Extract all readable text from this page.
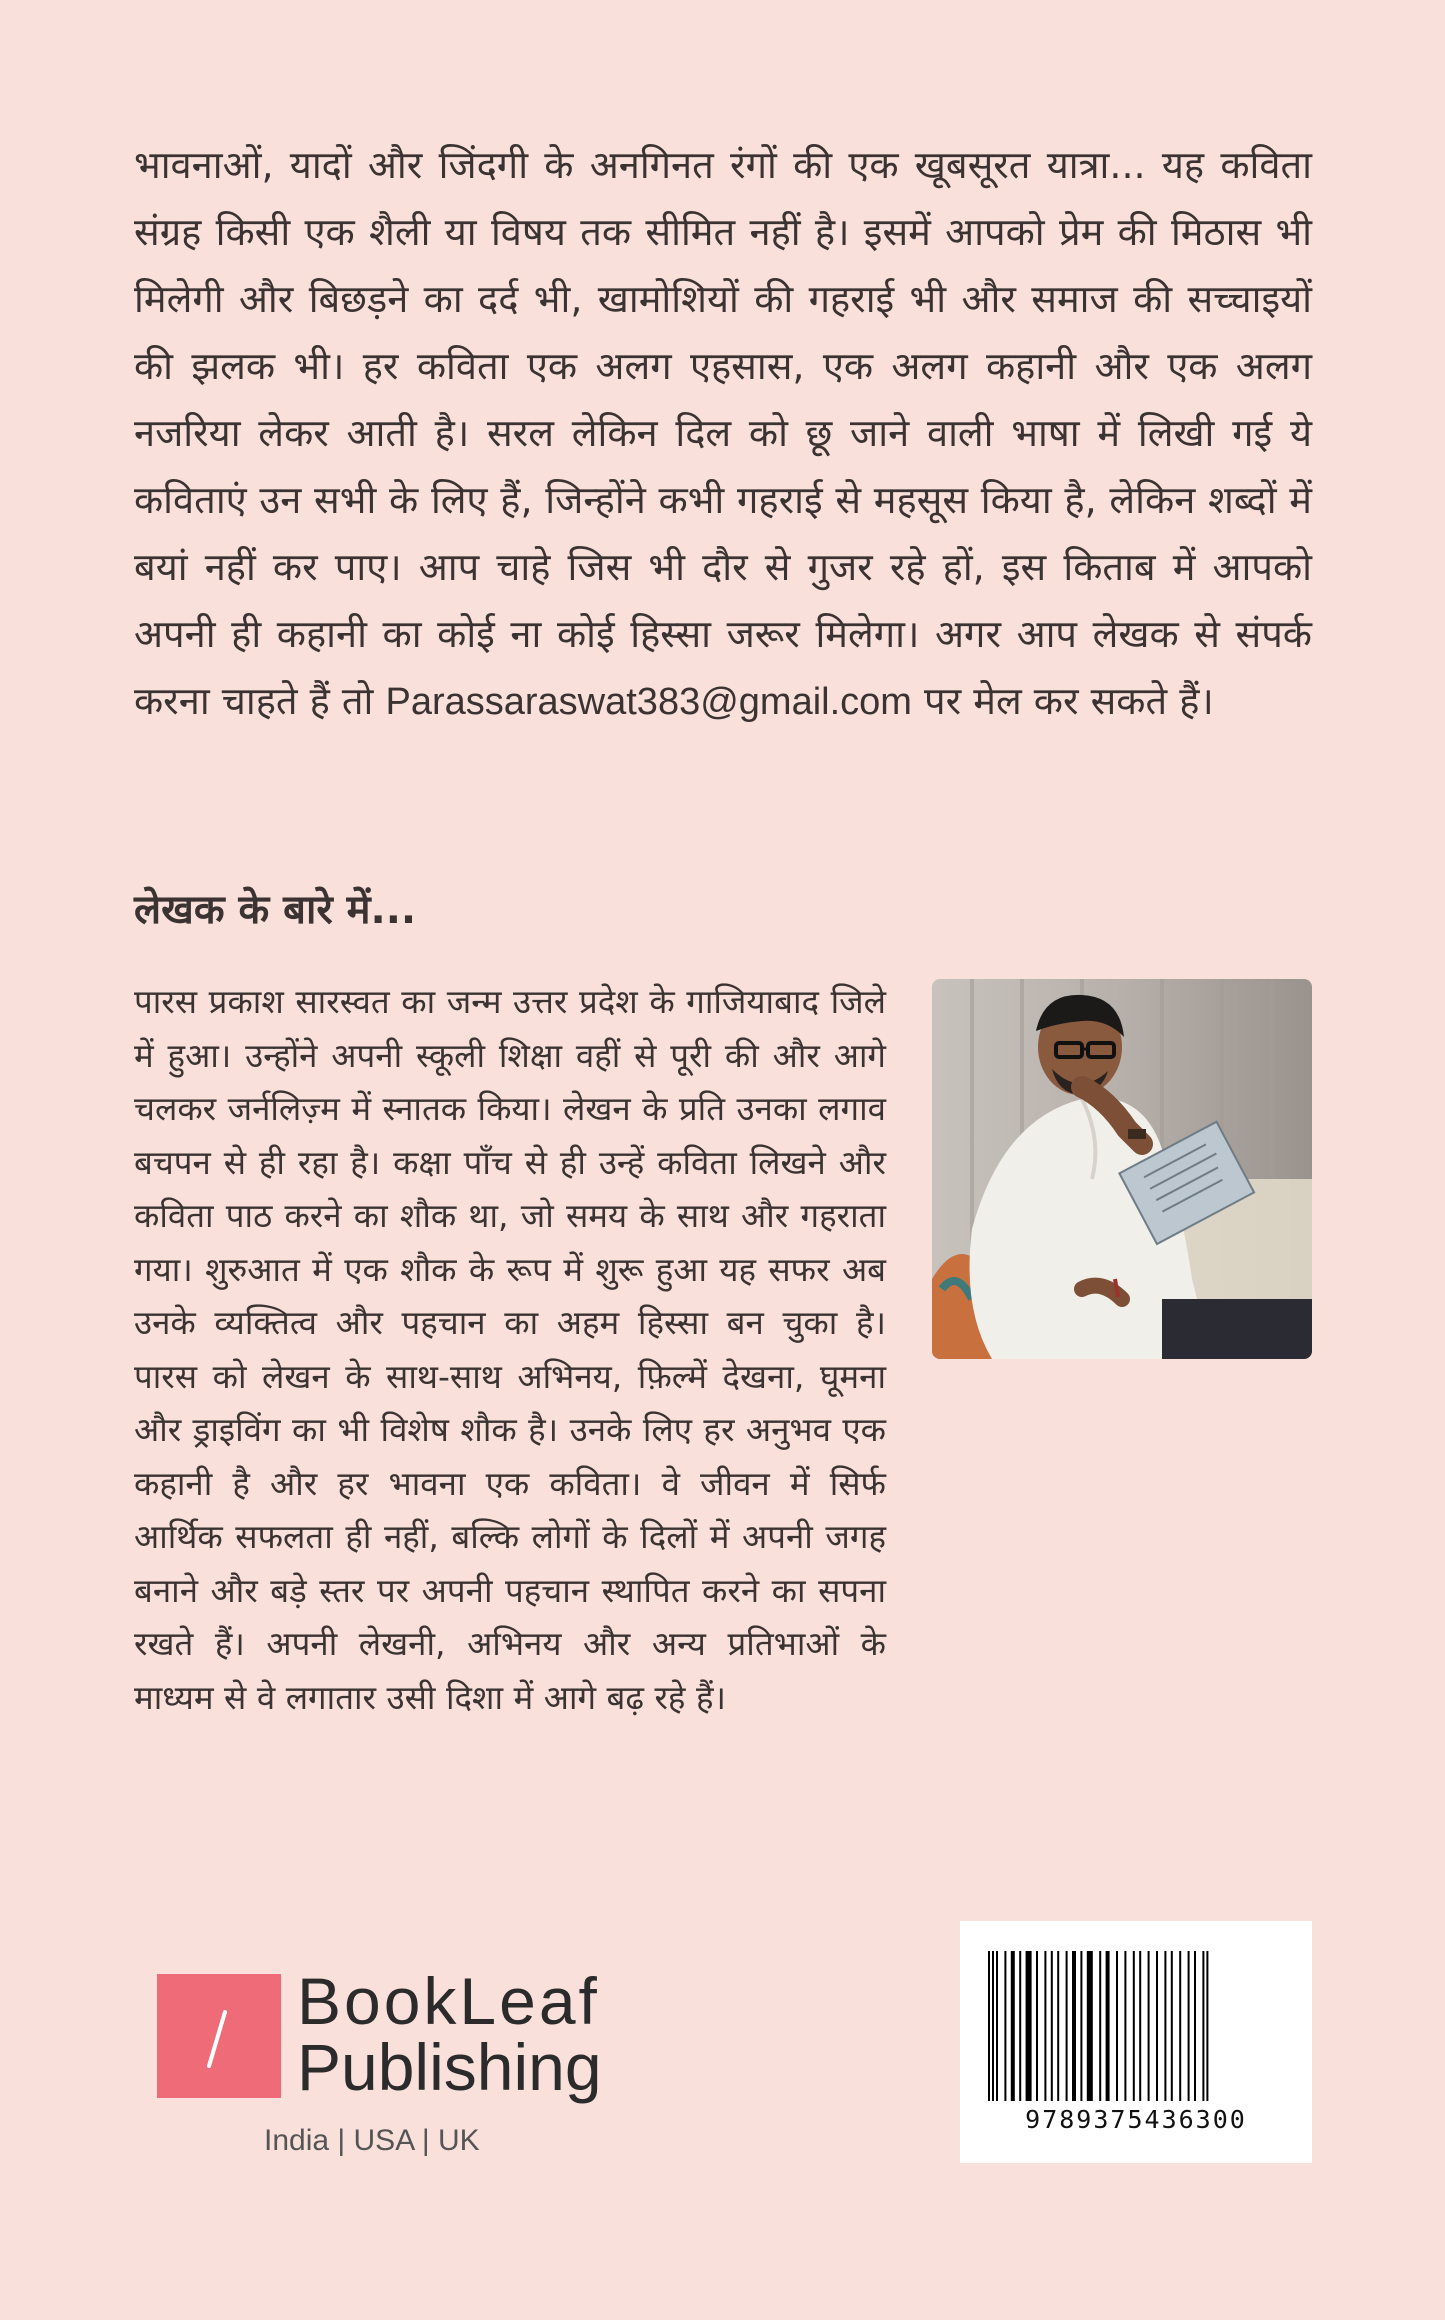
भावनाओं, यादों और जिंदगी के अनगिनत रंगों की एक खूबसूरत यात्रा... यह कविता संग्रह किसी एक शैली या विषय तक सीमित नहीं है। इसमें आपको प्रेम की मिठास भी मिलेगी और बिछड़ने का दर्द भी, खामोशियों की गहराई भी और समाज की सच्चाइयों की झलक भी। हर कविता एक अलग एहसास, एक अलग कहानी और एक अलग नजरिया लेकर आती है। सरल लेकिन दिल को छू जाने वाली भाषा में लिखी गई ये कविताएं उन सभी के लिए हैं, जिन्होंने कभी गहराई से महसूस किया है, लेकिन शब्दों में बयां नहीं कर पाए। आप चाहे जिस भी दौर से गुजर रहे हों, इस किताब में आपको अपनी ही कहानी का कोई ना कोई हिस्सा जरूर मिलेगा। अगर आप लेखक से संपर्क करना चाहते हैं तो Parassaraswat383@gmail.com पर मेल कर सकते हैं।
लेखक के बारे में...
पारस प्रकाश सारस्वत का जन्म उत्तर प्रदेश के गाजियाबाद जिले में हुआ। उन्होंने अपनी स्कूली शिक्षा वहीं से पूरी की और आगे चलकर जर्नलिज़्म में स्नातक किया। लेखन के प्रति उनका लगाव बचपन से ही रहा है। कक्षा पाँच से ही उन्हें कविता लिखने और कविता पाठ करने का शौक था, जो समय के साथ और गहराता गया। शुरुआत में एक शौक के रूप में शुरू हुआ यह सफर अब उनके व्यक्तित्व और पहचान का अहम हिस्सा बन चुका है। पारस को लेखन के साथ-साथ अभिनय, फ़िल्में देखना, घूमना और ड्राइविंग का भी विशेष शौक है। उनके लिए हर अनुभव एक कहानी है और हर भावना एक कविता। वे जीवन में सिर्फ आर्थिक सफलता ही नहीं, बल्कि लोगों के दिलों में अपनी जगह बनाने और बड़े स्तर पर अपनी पहचान स्थापित करने का सपना रखते हैं। अपनी लेखनी, अभिनय और अन्य प्रतिभाओं के माध्यम से वे लगातार उसी दिशा में आगे बढ़ रहे हैं।
BookLeaf
Publishing
India | USA | UK
9789375436300
